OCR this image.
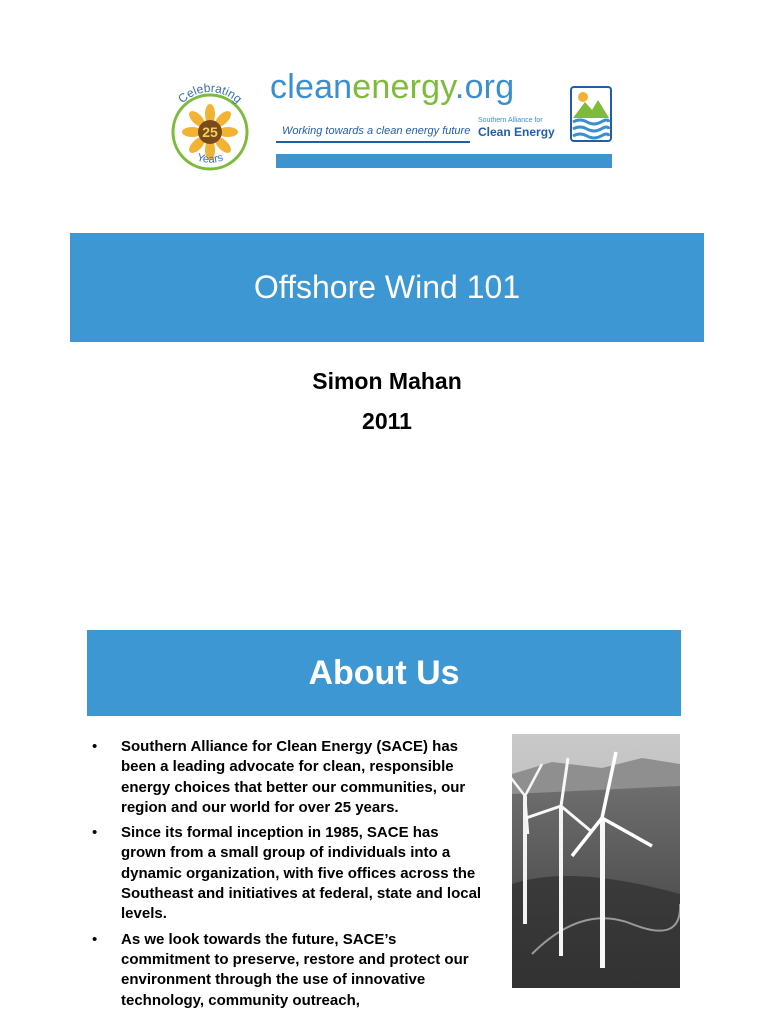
25
Celebrating
Years
cleanenergy.org
Working towards a clean energy future
Southern Alliance for
Clean Energy
Offshore Wind 101
Simon Mahan
2011
About Us
• Southern Alliance for Clean Energy (SACE) has been a leading advocate for clean, responsible energy choices that better our communities, our region and our world for over 25 years.
• Since its formal inception in 1985, SACE has grown from a small group of individuals into a dynamic organization, with five offices across the Southeast and initiatives at federal, state and local levels.
• As we look towards the future, SACE’s commitment to preserve, restore and protect our environment through the use of innovative technology, community outreach,
